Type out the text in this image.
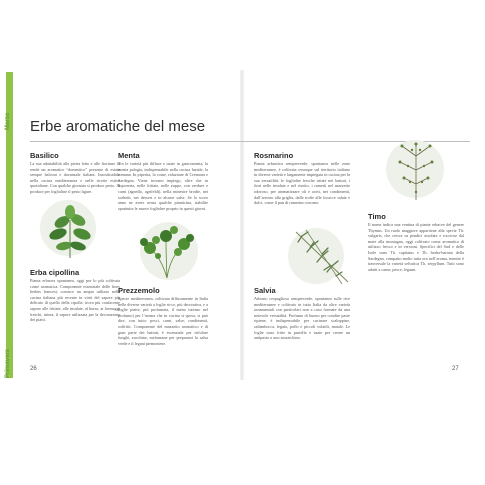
Marzo
Primavera
Erbe aromatiche del mese
Basilico
La sua adattabilità alla pietra letto e alle fioriture lo rende un aromatico “domestico” presente di estate sempre balconi e davanzale italiani. Insostituibile nella cucina mediterranea e nelle ricette estive quotidiane. Con qualche giornata si produce pesto. Sì produce per foglioline il pesto ligure.
Erba cipollina
Pianta erbacea spontanea, oggi per lo più coltivata come aromatica. Componente essenziale delle fines herbes francesi, conosce un ampio utilizzo nella cucina italiana più recente in virtù del sapore più delicato di quello della cipolla: trova più confacente sapore alle frittate, alle insalate, al burro, ai formaggi freschi, intera, il sapore utilizzata per la decorazione dei piatti.
Menta
Tra le varietà più diffuse e usate in gastronomia, la menta palogia, indispensabile nella cucina laziale, la romana. In piperita, la come, riduzione di Cremona e Sardegna. Viene trovano impiego, oltre che in liquoreria, nelle frittate, nelle zuppe, con verdure e carni (agnello, agrifeldi), nella minestre brodie, nei sorbetti, nei dessert e in alcune salse. Se lo scoro anno ne avete avuta qualche pianticina, stabilite sprattutte le nuove fogliolne proprio in questi giorni.
Prezzemolo
Specie mediterranea, coltivata diffusamente in Italia nelle diverse varietà a foglie ricce, più decorativa, e a foglie piatte, più profumata, il meno intenso nel profumo) per l’aroma che in cucina si sposa, si può dire, con tutto: pesci, carni, salse, condimenti, soffritti. Componente del mazzetto aromatico e di gran parte dei battuti, è essenziale per trifolare funghi, zucchine, melanzane per prepararsi la salsa verde e il legani piemontese.
26
Rosmarino
Pianta arbustiva sempreverde, spontanea nelle zone mediterranee, è coltivata ovunque sul territorio italiano in diverse varietà e largamente impiegata in cucina per la sua versatilità: le fogliolne fresche tritate nei battuti, i fiori nelle insalate e nel risotto, i rametti nel mazzetto odoroso, per aromatizzare oli e aceti, nei condimenti, dall’arrosto alla griglia, dalle trofie alle focacce salate e dolci, come il pan di ramerino toscano.
Timo
Il nome indica una ventina di piante erbacee del genere Thymus. Un ruolo maggiore appartiene alla specie Th. vulgaris, che cresce su pendici assolate e rocciose dal mare alla montagna, oggi coltivato come aromatica di utilizzo fresco e in versioni. Specifici del Sud e delle Isole sono Th. capitatus e Th. herba-barona della Sardegna, compatto molto tutta ora nell’aroma, mentre è trasversale la varietà selvatica Th. serpyllum. Tutti sono adatti a carne, pesce, legumi.
Salvia
Arbusto cespuglioso sempreverde, spontaneo sulle rive mediterranee e coltivato in tutta Italia da oltre varietà ornamentali con particolari non a caso formate da una notevole versatilità. Profumo di buono per condire paste ripiene, è indispensabile per cucinare scaloppine, saltimbocca, fegato, pollo e piccoli volatili, maiale. Le foglie sono fritte in pastella e usate per creare un antipasto o uno stuzzichino.
27
